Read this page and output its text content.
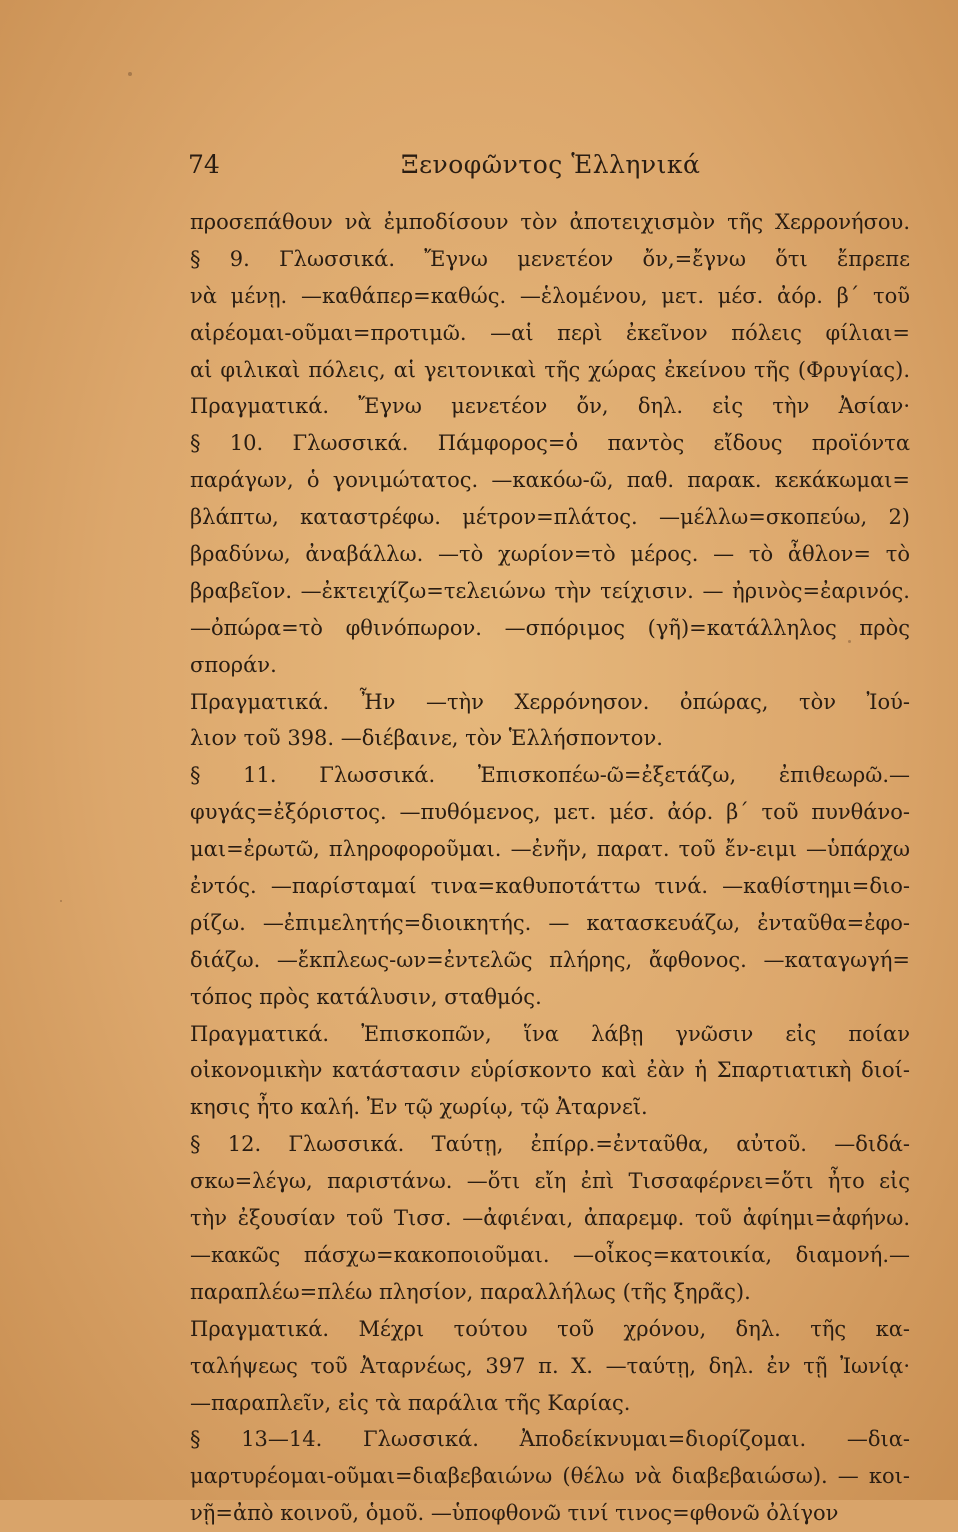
74	Ξενοφῶντος Ἑλληνικά
προσεπάθουν νὰ ἐμποδίσουν τὸν ἀποτειχισμὸν τῆς Χερρονήσου.
§ 9. Γλωσσικά. Ἔγνω μενετέον ὄν,=ἔγνω ὅτι ἔπρεπε
νὰ μένῃ. —καθάπερ=καθώς. —ἑλομένου, μετ. μέσ. ἀόρ. β΄ τοῦ
αἱρέομαι-οῦμαι=προτιμῶ. —αἱ περὶ ἐκεῖνον πόλεις φίλιαι=
αἱ φιλικαὶ πόλεις, αἱ γειτονικαὶ τῆς χώρας ἐκείνου τῆς (Φρυγίας).
Πραγματικά. Ἔγνω μενετέον ὄν, δηλ. εἰς τὴν Ἀσίαν·
§ 10. Γλωσσικά. Πάμφορος=ὁ παντὸς εἴδους προϊόντα
παράγων, ὁ γονιμώτατος. —κακόω-ῶ, παθ. παρακ. κεκάκωμαι=
βλάπτω, καταστρέφω. μέτρον=πλάτος. —μέλλω=σκοπεύω, 2)
βραδύνω, ἀναβάλλω. —τὸ χωρίον=τὸ μέρος. — τὸ ἆθλον= τὸ
βραβεῖον. —ἐκτειχίζω=τελειώνω τὴν τείχισιν. — ἠρινὸς=ἐαρινός.
—ὀπώρα=τὸ φθινόπωρον. —σπόριμος (γῆ)=κατάλληλος πρὸς
σποράν.
Πραγματικά. Ἦν —τὴν Χερρόνησον. ὀπώρας, τὸν Ἰού-
λιον τοῦ 398. —διέβαινε, τὸν Ἑλλήσποντον.
§ 11. Γλωσσικά. Ἐπισκοπέω-ῶ=ἐξετάζω, ἐπιθεωρῶ.—
φυγάς=ἐξόριστος. —πυθόμενος, μετ. μέσ. ἀόρ. β΄ τοῦ πυνθάνο-
μαι=ἐρωτῶ, πληροφοροῦμαι. —ἐνῆν, παρατ. τοῦ ἔν-ειμι —ὑπάρχω
ἐντός. —παρίσταμαί τινα=καθυποτάττω τινά. —καθίστημι=διο-
ρίζω. —ἐπιμελητής=διοικητής. — κατασκευάζω, ἐνταῦθα=ἐφο-
διάζω. —ἔκπλεως-ων=ἐντελῶς πλήρης, ἄφθονος. —καταγωγή=
τόπος πρὸς κατάλυσιν, σταθμός.
Πραγματικά. Ἐπισκοπῶν, ἵνα λάβῃ γνῶσιν εἰς ποίαν
οἰκονομικὴν κατάστασιν εὑρίσκοντο καὶ ἐὰν ἡ Σπαρτιατικὴ διοί-
κησις ἦτο καλή. Ἐν τῷ χωρίῳ, τῷ Ἀταρνεῖ.
§ 12. Γλωσσικά. Ταύτῃ, ἐπίρρ.=ἐνταῦθα, αὐτοῦ. —διδά-
σκω=λέγω, παριστάνω. —ὅτι εἴη ἐπὶ Τισσαφέρνει=ὅτι ἦτο εἰς
τὴν ἐξουσίαν τοῦ Τισσ. —ἀφιέναι, ἀπαρεμφ. τοῦ ἀφίημι=ἀφήνω.
—κακῶς πάσχω=κακοποιοῦμαι. —οἶκος=κατοικία, διαμονή.—
παραπλέω=πλέω πλησίον, παραλλήλως (τῆς ξηρᾶς).
Πραγματικά. Μέχρι τούτου τοῦ χρόνου, δηλ. τῆς κα-
ταλήψεως τοῦ Ἀταρνέως, 397 π. Χ. —ταύτῃ, δηλ. ἐν τῇ Ἰωνίᾳ·
—παραπλεῖν, εἰς τὰ παράλια τῆς Καρίας.
§ 13—14. Γλωσσικά. Ἀποδείκνυμαι=διορίζομαι. —δια-
μαρτυρέομαι-οῦμαι=διαβεβαιώνω (θέλω νὰ διαβεβαιώσω). — κοι-
νῇ=ἀπὸ κοινοῦ, ὁμοῦ. —ὑποφθονῶ τινί τινος=φθονῶ ὀλίγον
